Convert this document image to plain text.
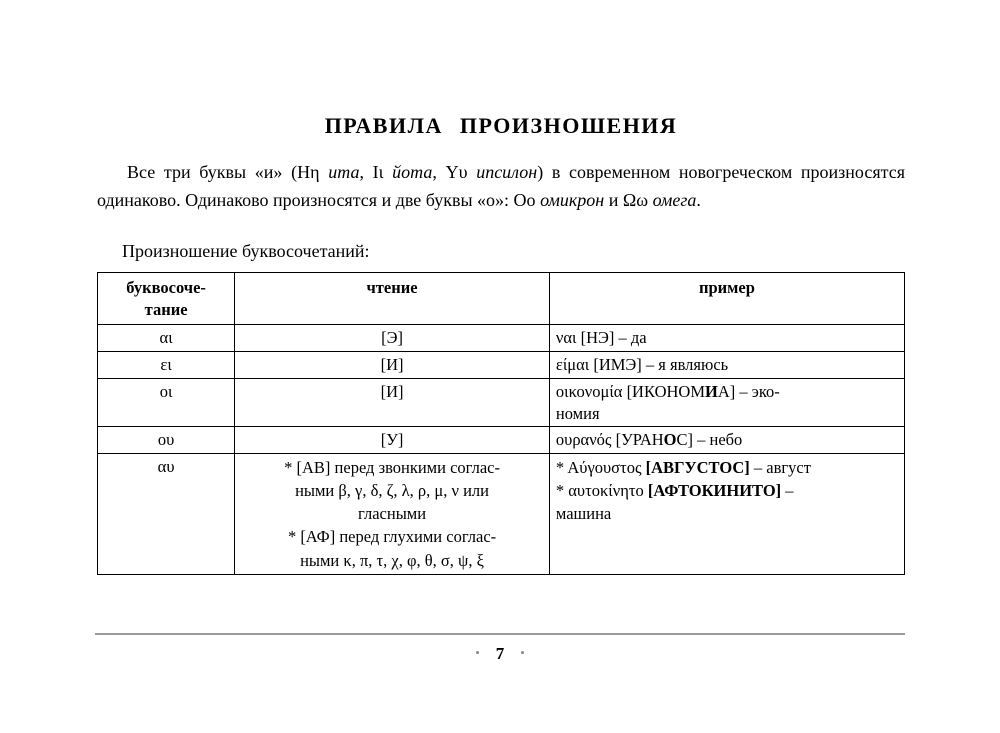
ПРАВИЛА ПРОИЗНОШЕНИЯ

Все три буквы «и» (Ηη ита, Ιι йота, Υυ ипсилон) в современном новогреческом произносятся одинаково. Одинаково произносятся и две буквы «о»: Οο омикрон и Ωω омега.

Произношение буквосочетаний:

буквосоче-
тание	чтение	пример
αι	[Э]	ναι [НЭ] – да
ει	[И]	είμαι [ИМЭ] – я являюсь
οι	[И]	οικονομία [ИКОНОМИА] – эко-
номия
ου	[У]	ουρανός [УРАНОС] – небо
αυ	* [АВ] перед звонкими соглас-
ными β, γ, δ, ζ, λ, ρ, μ, ν или
гласными
* [АФ] перед глухими соглас-
ными κ, π, τ, χ, φ, θ, σ, ψ, ξ	* Αύγουστος [АВГУСТОС] – август
* αυτοκίνητο [АФТОКИНИТО] –
машина
• 7 •
